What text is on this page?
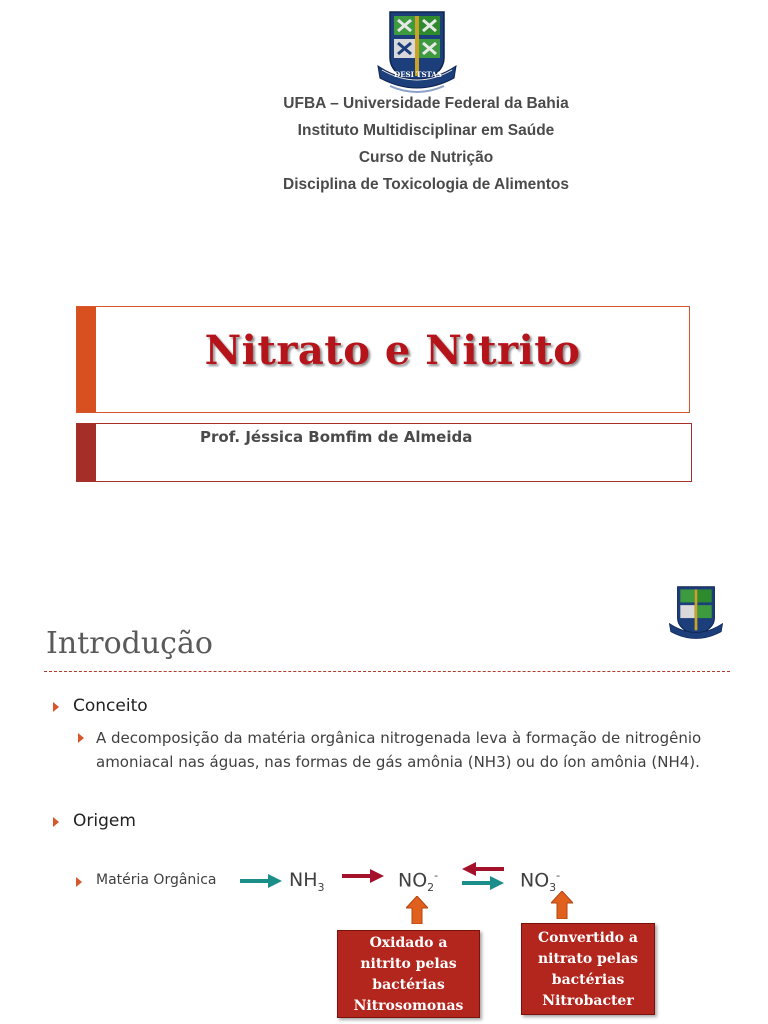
DESI TSTAS
UFBA – Universidade Federal da Bahia
Instituto Multidisciplinar em Saúde
Curso de Nutrição
Disciplina de Toxicologia de Alimentos
Nitrato e Nitrito
Prof. Jéssica Bomfim de Almeida
Introdução
Conceito
A decomposição da matéria orgânica nitrogenada leva à formação de nitrogênio
amoniacal nas águas, nas formas de gás amônia (NH3) ou do íon amônia (NH4).
Origem
Matéria Orgânica	$NH_3$	$NO_2^-$	$NO_3^-$
Oxidado a
nitrito pelas
bactérias
Nitrosomonas
Convertido a
nitrato pelas
bactérias
Nitrobacter
